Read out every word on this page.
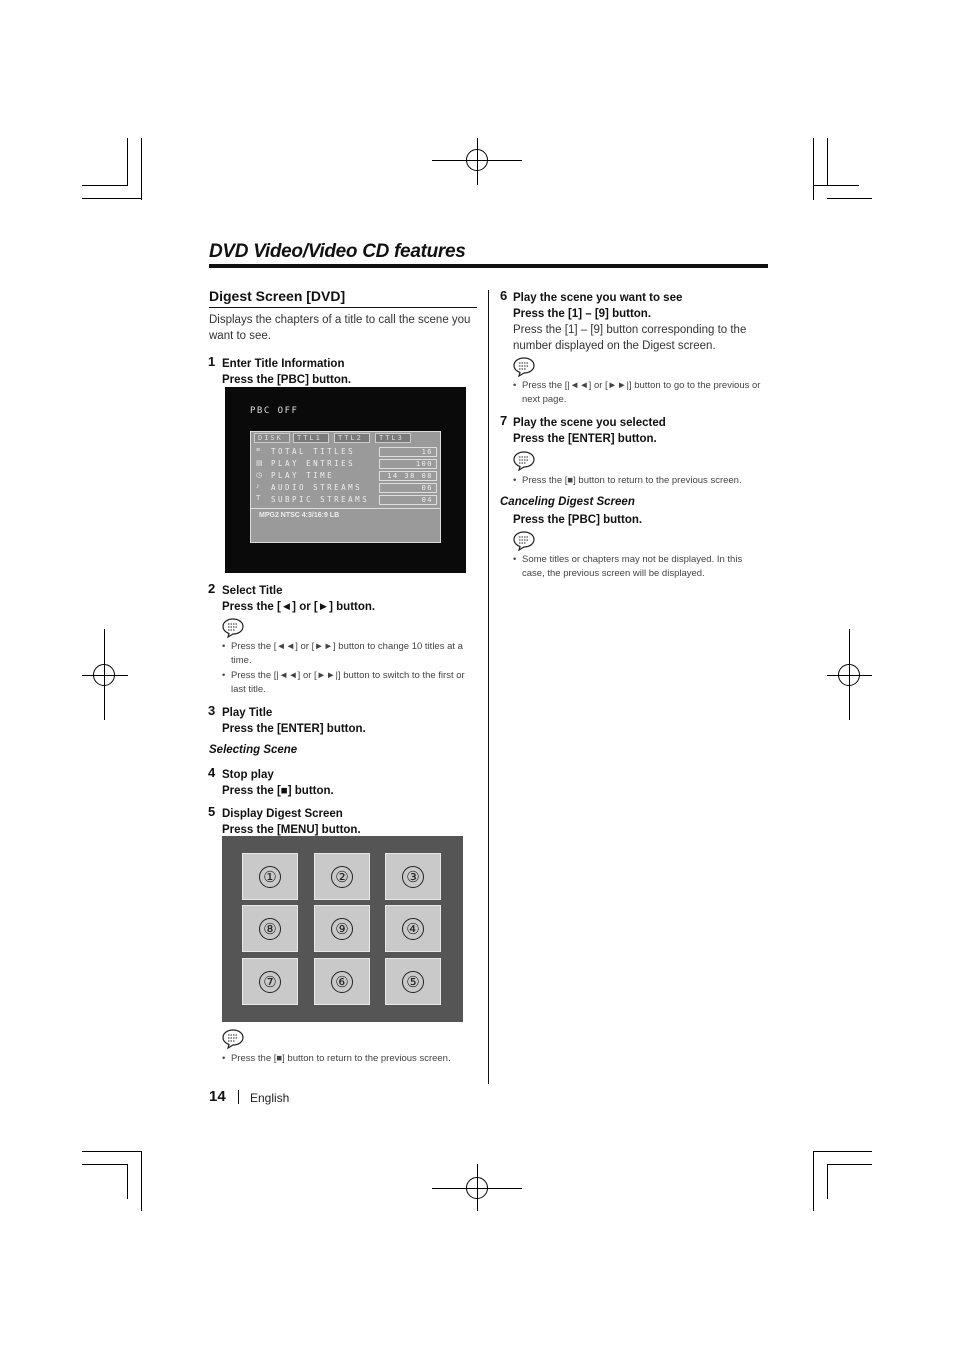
DVD Video/Video CD features
Digest Screen [DVD]
Displays the chapters of a title to call the scene you want to see.
1 Enter Title Information
Press the [PBC] button.
PBC OFF
DISK	TTL1	TTL2	TTL3
≡
▤
◷
♪
T
TOTAL TITLES	16
PLAY ENTRIES	100
PLAY TIME	14 38 08
AUDIO STREAMS	06
SUBPIC STREAMS	04
MPG2 NTSC 4:3/16:9 LB
2 Select Title
Press the [◄] or [►] button.
• Press the [◄◄] or [►►] button to change 10 titles at a time.
• Press the [|◄◄] or [►►|] button to switch to the first or last title.
3 Play Title
Press the [ENTER] button.
Selecting Scene
4 Stop play
Press the [■] button.
5 Display Digest Screen
Press the [MENU] button.
①	②	③
⑧	⑨	④
⑦	⑥	⑤
• Press the [■] button to return to the previous screen.
6 Play the scene you want to see
Press the [1] – [9] button.
Press the [1] – [9] button corresponding to the number displayed on the Digest screen.
• Press the [|◄◄] or [►►|] button to go to the previous or next page.
7 Play the scene you selected
Press the [ENTER] button.
• Press the [■] button to return to the previous screen.
Canceling Digest Screen
Press the [PBC] button.
• Some titles or chapters may not be displayed. In this case, the previous screen will be displayed.
14 English
